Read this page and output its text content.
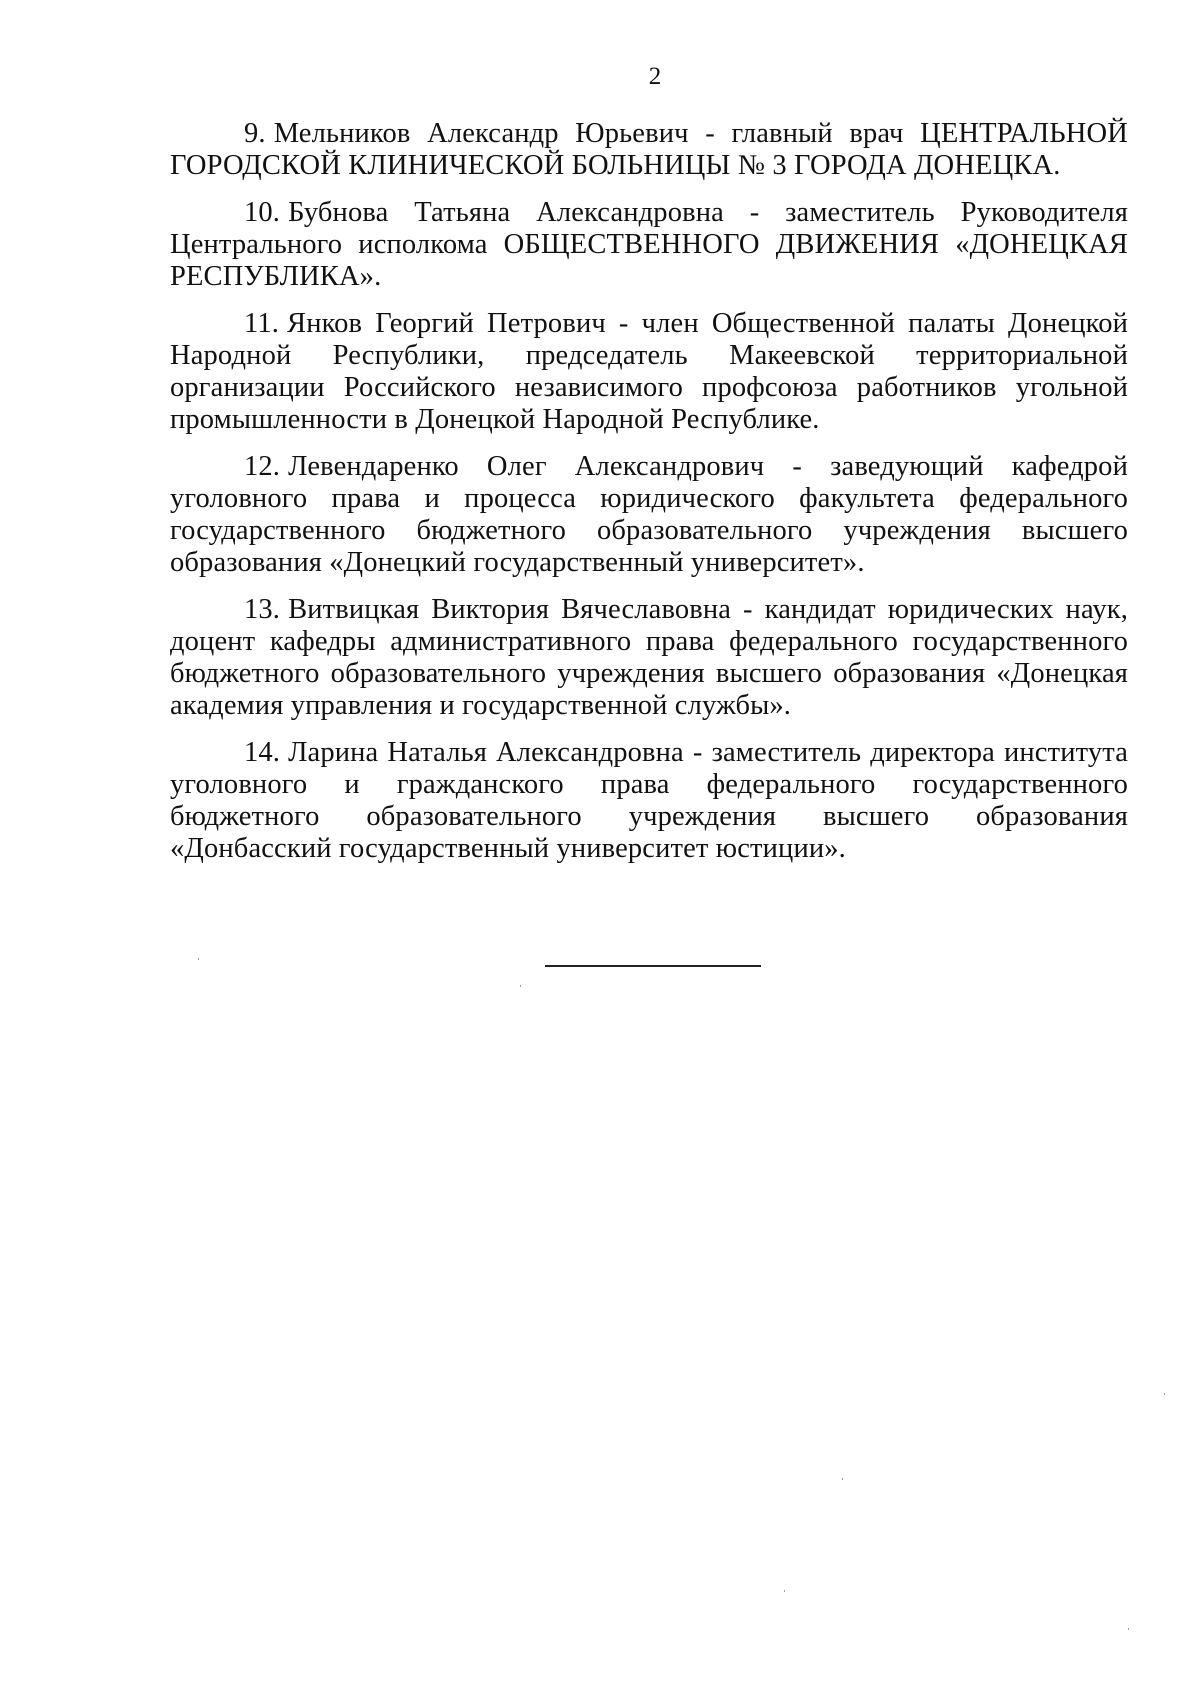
2

9. Мельников Александр Юрьевич - главный врач ЦЕНТРАЛЬНОЙ ГОРОДСКОЙ КЛИНИЧЕСКОЙ БОЛЬНИЦЫ № 3 ГОРОДА ДОНЕЦКА.

10. Бубнова Татьяна Александровна - заместитель Руководителя Центрального исполкома ОБЩЕСТВЕННОГО ДВИЖЕНИЯ «ДОНЕЦКАЯ РЕСПУБЛИКА».

11. Янков Георгий Петрович - член Общественной палаты Донецкой Народной Республики, председатель Макеевской территориальной организации Российского независимого профсоюза работников угольной промышленности в Донецкой Народной Республике.

12. Левендаренко Олег Александрович - заведующий кафедрой уголовного права и процесса юридического факультета федерального государственного бюджетного образовательного учреждения высшего образования «Донецкий государственный университет».

13. Витвицкая Виктория Вячеславовна - кандидат юридических наук, доцент кафедры административного права федерального государственного бюджетного образовательного учреждения высшего образования «Донецкая академия управления и государственной службы».

14. Ларина Наталья Александровна - заместитель директора института уголовного и гражданского права федерального государственного бюджетного образовательного учреждения высшего образования «Донбасский государственный университет юстиции».
